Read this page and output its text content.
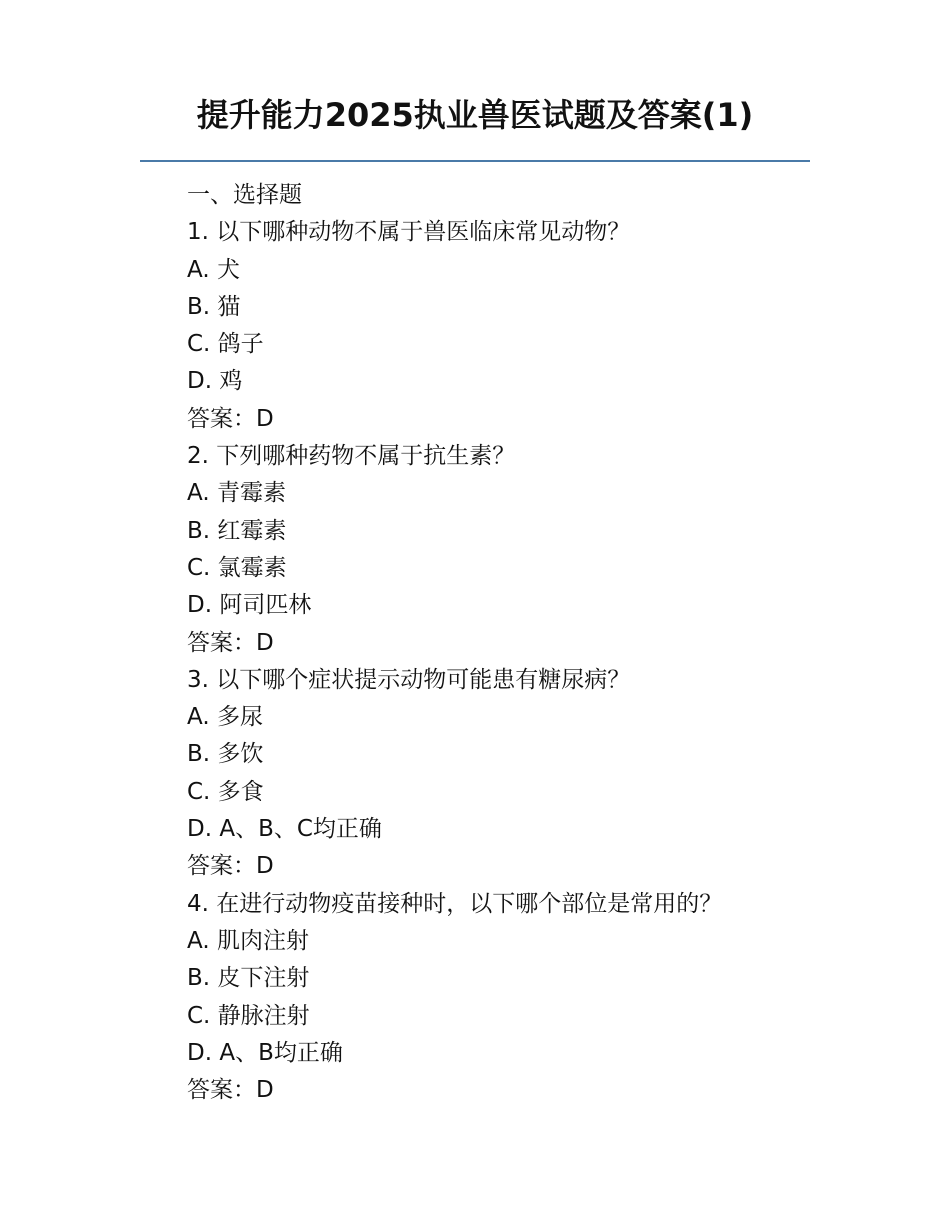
提升能力2025执业兽医试题及答案(1)
一、选择题
1. 以下哪种动物不属于兽医临床常见动物？
A. 犬
B. 猫
C. 鸽子
D. 鸡
答案：D
2. 下列哪种药物不属于抗生素？
A. 青霉素
B. 红霉素
C. 氯霉素
D. 阿司匹林
答案：D
3. 以下哪个症状提示动物可能患有糖尿病？
A. 多尿
B. 多饮
C. 多食
D. A、B、C均正确
答案：D
4. 在进行动物疫苗接种时，以下哪个部位是常用的？
A. 肌肉注射
B. 皮下注射
C. 静脉注射
D. A、B均正确
答案：D
